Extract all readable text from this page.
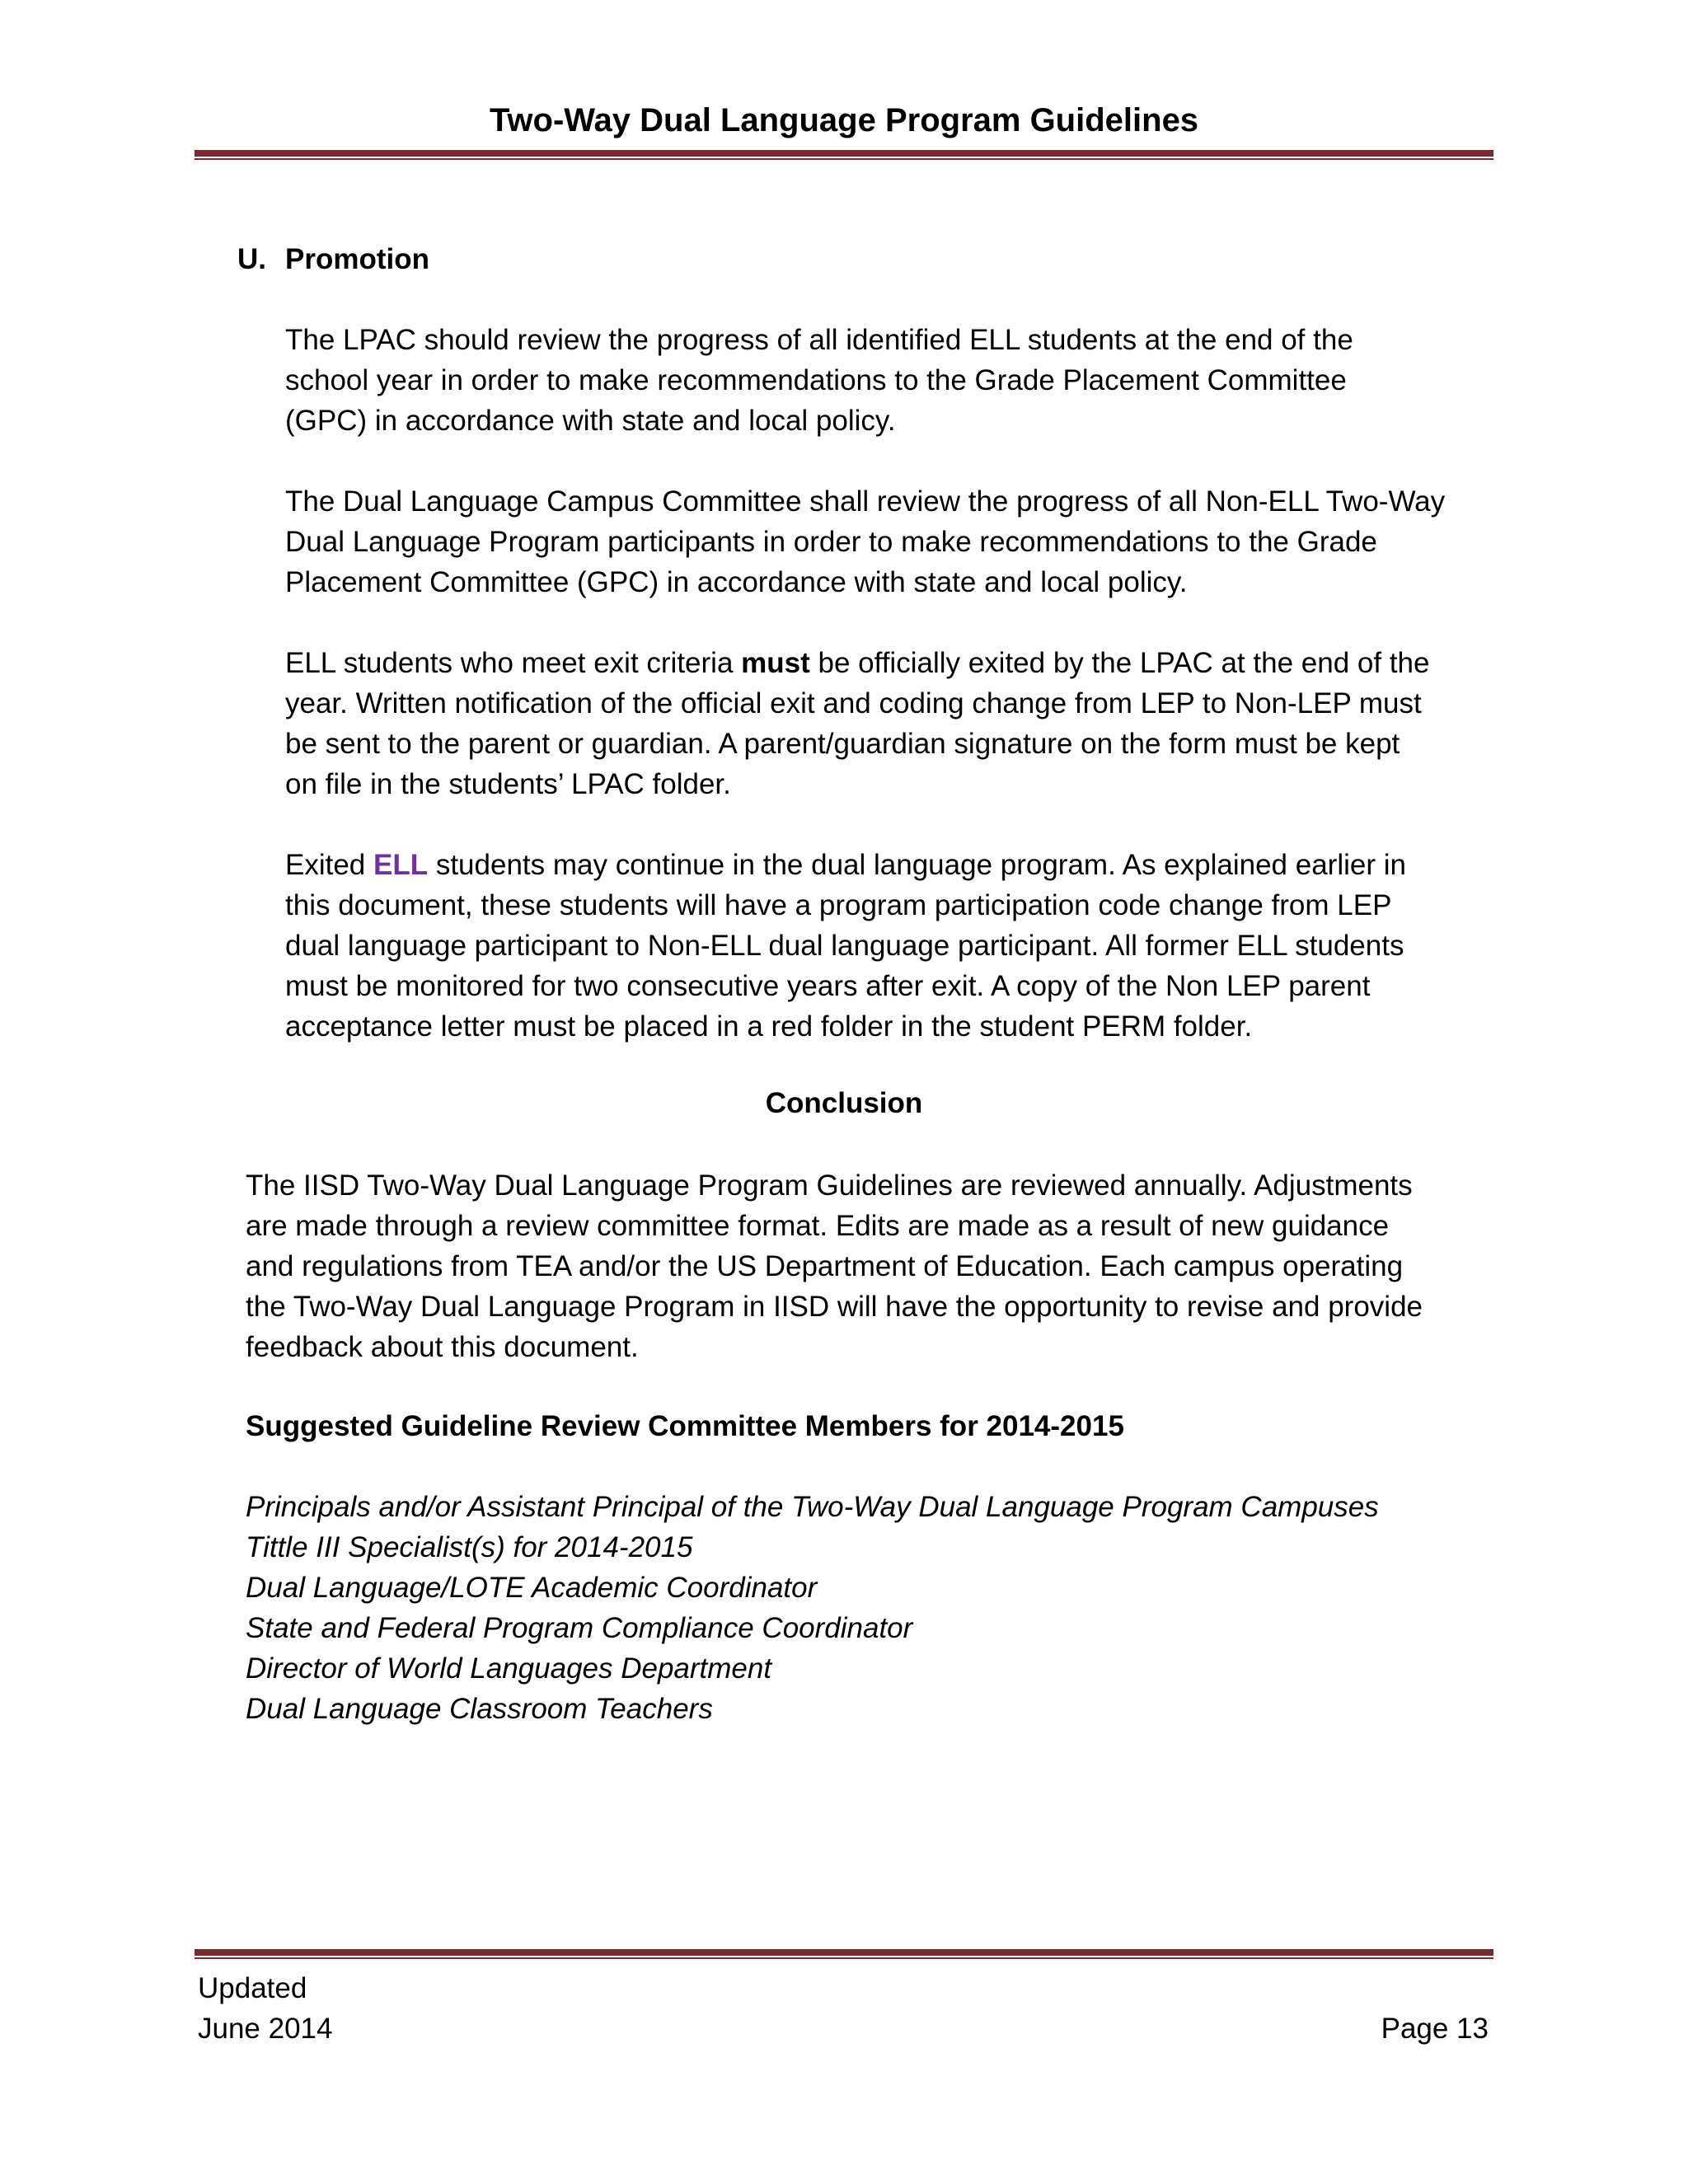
Two-Way Dual Language Program Guidelines
U. Promotion
The LPAC should review the progress of all identified ELL students at the end of the
school year in order to make recommendations to the Grade Placement Committee
(GPC) in accordance with state and local policy.
The Dual Language Campus Committee shall review the progress of all Non-ELL Two-Way
Dual Language Program participants in order to make recommendations to the Grade
Placement Committee (GPC) in accordance with state and local policy.
ELL students who meet exit criteria must be officially exited by the LPAC at the end of the
year. Written notification of the official exit and coding change from LEP to Non-LEP must
be sent to the parent or guardian. A parent/guardian signature on the form must be kept
on file in the students’ LPAC folder.
Exited ELL students may continue in the dual language program. As explained earlier in
this document, these students will have a program participation code change from LEP
dual language participant to Non-ELL dual language participant. All former ELL students
must be monitored for two consecutive years after exit. A copy of the Non LEP parent
acceptance letter must be placed in a red folder in the student PERM folder.
Conclusion
The IISD Two-Way Dual Language Program Guidelines are reviewed annually. Adjustments
are made through a review committee format. Edits are made as a result of new guidance
and regulations from TEA and/or the US Department of Education. Each campus operating
the Two-Way Dual Language Program in IISD will have the opportunity to revise and provide
feedback about this document.
Suggested Guideline Review Committee Members for 2014-2015
Principals and/or Assistant Principal of the Two-Way Dual Language Program Campuses
Tittle III Specialist(s) for 2014-2015
Dual Language/LOTE Academic Coordinator
State and Federal Program Compliance Coordinator
Director of World Languages Department
Dual Language Classroom Teachers
Updated
June 2014	Page 13
